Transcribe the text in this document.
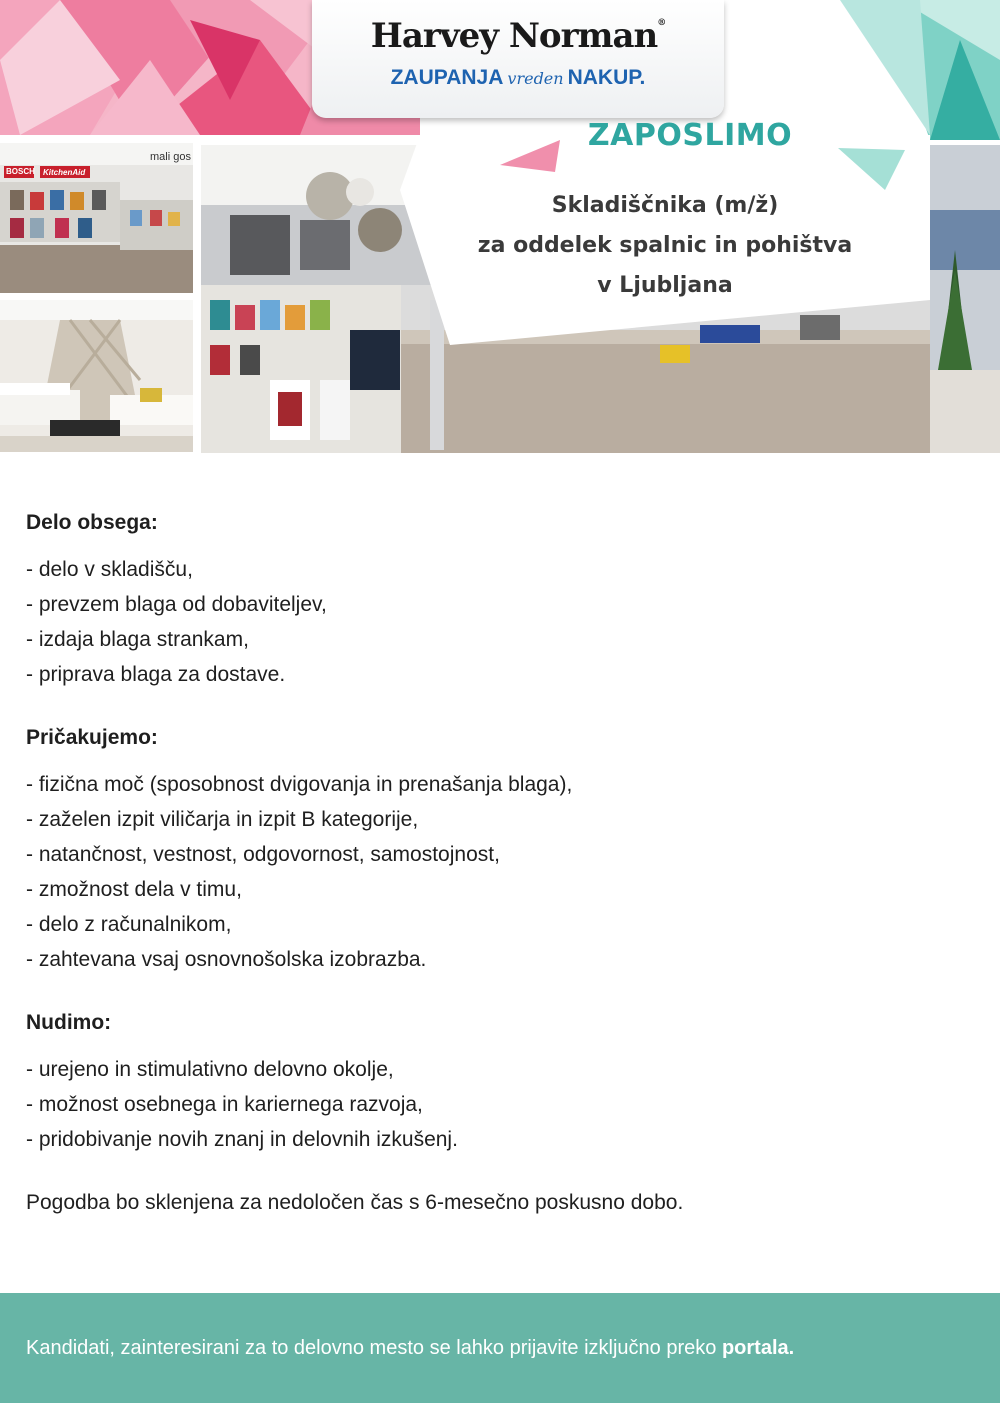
BOSCH KitchenAid
mali gos
Harvey Norman®
ZAUPANJA vreden NAKUP.
ZAPOSLIMO
Skladiščnika (m/ž)
za oddelek spalnic in pohištva
v Ljubljana
Delo obsega:
- delo v skladišču,
- prevzem blaga od dobaviteljev,
- izdaja blaga strankam,
- priprava blaga za dostave.
Pričakujemo:
- fizična moč (sposobnost dvigovanja in prenašanja blaga),
- zaželen izpit viličarja in izpit B kategorije,
- natančnost, vestnost, odgovornost, samostojnost,
- zmožnost dela v timu,
- delo z računalnikom,
- zahtevana vsaj osnovnošolska izobrazba.
Nudimo:
- urejeno in stimulativno delovno okolje,
- možnost osebnega in kariernega razvoja,
- pridobivanje novih znanj in delovnih izkušenj.
Pogodba bo sklenjena za nedoločen čas s 6-mesečno poskusno dobo.
Kandidati, zainteresirani za to delovno mesto se lahko prijavite izključno preko portala.
